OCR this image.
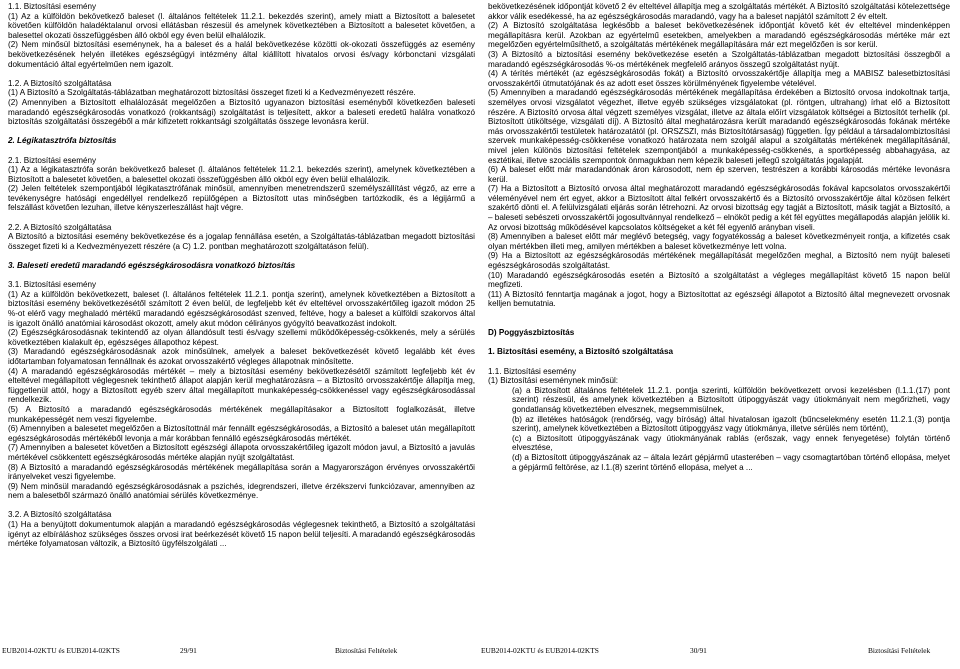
1.1. Biztosítási esemény

(1) Az a külföldön bekövetkező baleset (l. általános feltételek 11.2.1. bekezdés szerint), amely miatt a Biztosított a balesetet követően külföldön haladéktalanul orvosi ellátásban részesül és amelynek következtében a Biztosított a balesetet követően, a balesettel okozati összefüggésben álló okból egy éven belül elhalálozik.

(2) Nem minősül biztosítási eseménynek, ha a baleset és a halál bekövetkezése közötti ok-okozati összefüggés az esemény bekövetkezésének helyén illetékes egészségügyi intézmény által kiállított hivatalos orvosi és/vagy kórbonctani vizsgálati dokumentáció által egyértelműen nem igazolt.

1.2. A Biztosító szolgáltatása

(1) A Biztosító a Szolgáltatás-táblázatban meghatározott biztosítási összeget fizeti ki a Kedvezményezett részére.

(2) Amennyiben a Biztosított elhalálozását megelőzően a Biztosító ugyanazon biztosítási eseményből következően baleseti maradandó egészségkárosodás vonatkozó (rokkantsági) szolgáltatást is teljesített, akkor a baleseti eredetű halálra vonatkozó biztosítás szolgáltatási összegéből a már kifizetett rokkantsági szolgáltatás összege levonásra kerül.

2. Légikatasztrófa biztosítás

2.1. Biztosítási esemény

(1) Az a légikatasztrófa során bekövetkező baleset (l. általános feltételek 11.2.1. bekezdés szerint), amelynek következtében a Biztosított a balesetet követően, a balesettel okozati összefüggésben álló okból egy éven belül elhalálozik.

(2) Jelen feltételek szempontjából légikatasztrófának minősül, amennyiben menetrendszerű személyszállítást végző, az erre a tevékenységre hatósági engedéllyel rendelkező repülőgépen a Biztosított utas minőségben tartózkodik, és a légijármű a felszállást követően lezuhan, illetve kényszerleszállást hajt végre.

2.2. A Biztosító szolgáltatása

A Biztosító a biztosítási esemény bekövetkezése és a jogalap fennállása esetén, a Szolgáltatás-táblázatban megadott biztosítási összeget fizeti ki a Kedvezményezett részére (a C) 1.2. pontban meghatározott szolgáltatáson felül).

3. Baleseti eredetű maradandó egészségkárosodásra vonatkozó biztosítás

3.1. Biztosítási esemény

(1) Az a külföldön bekövetkezett, baleset (l. általános feltételek 11.2.1. pontja szerint), amelynek következtében a Biztosított a biztosítási esemény bekövetkezésétől számított 2 éven belül, de legfeljebb két év elteltével orvosszakértőileg igazolt módon 25 %-ot elérő vagy meghaladó mértékű maradandó egészségkárosodást szenved, feltéve, hogy a baleset a külföldi szakorvos által is igazolt önálló anatómiai károsodást okozott, amely akut módon célirányos gyógyító beavatkozást indokolt.

(2) Egészségkárosodásnak tekintendő az olyan állandósult testi és/vagy szellemi működőképesség-csökkenés, mely a sérülés következtében kialakult ép, egészséges állapothoz képest.

(3) Maradandó egészségkárosodásnak azok minősülnek, amelyek a baleset bekövetkezését követő legalább két éves időtartamban folyamatosan fennállnak és azokat orvosszakértő végleges állapotnak minősítette.

(4) A maradandó egészségkárosodás mértékét – mely a biztosítási esemény bekövetkezésétől számított legfeljebb két év elteltével megállapított véglegesnek tekinthető állapot alapján kerül meghatározásra – a Biztosító orvosszakértője állapítja meg, függetlenül attól, hogy a Biztosított egyéb szerv által megállapított munkaképesség-csökkenéssel vagy egészségkárosodással rendelkezik.

(5) A Biztosító a maradandó egészségkárosodás mértékének megállapításakor a Biztosított foglalkozását, illetve munkaképességét nem veszi figyelembe.

(6) Amennyiben a balesetet megelőzően a Biztosítottnál már fennállt egészségkárosodás, a Biztosító a baleset után megállapított egészségkárosodás mértékéből levonja a már korábban fennálló egészségkárosodás mértékét.

(7) Amennyiben a balesetet követően a Biztosított egészségi állapota orvosszakértőileg igazolt módon javul, a Biztosító a javulás mértékével csökkentett egészségkárosodás mértéke alapján nyújt szolgáltatást.

(8) A Biztosító a maradandó egészségkárosodás mértékének megállapítása során a Magyarországon érvényes orvosszakértői irányelveket veszi figyelembe.

(9) Nem minősül maradandó egészségkárosodásnak a pszichés, idegrendszeri, illetve érzékszervi funkciózavar, amennyiben az nem a balesetből származó önálló anatómiai sérülés következménye.

3.2. A Biztosító szolgáltatása

(1) Ha a benyújtott dokumentumok alapján a maradandó egészségkárosodás véglegesnek tekinthető, a Biztosító a szolgáltatási igényt az elbíráláshoz szükséges összes orvosi irat beérkezését követő 15 napon belül teljesíti. A maradandó egészségkárosodás mértéke folyamatosan változik, a Biztosító ügyfélszolgálati ...

EUB2014-02KTU és EUB2014-02KTS	29/91	Biztosítási Feltételek

bekövetkezésének időpontját követő 2 év elteltével állapítja meg a szolgáltatás mértékét. A Biztosító szolgáltatási kötelezettsége akkor válik esedékessé, ha az egészségkárosodás maradandó, vagy ha a baleset napjától számított 2 év eltelt.

(2) A Biztosító szolgáltatása legkésőbb a baleset bekövetkezésének időpontját követő két év elteltével mindenképpen megállapításra kerül. Azokban az egyértelmű esetekben, amelyekben a maradandó egészségkárosodás mértéke már ezt megelőzően egyértelműsíthető, a szolgáltatás mértékének megállapítására már ezt megelőzően is sor kerül.

(3) A Biztosító a biztosítási esemény bekövetkezése esetén a Szolgáltatás-táblázatban megadott biztosítási összegből a maradandó egészségkárosodás %-os mértékének megfelelő arányos összegű szolgáltatást nyújt.

(4) A térítés mértékét (az egészségkárosodás fokát) a Biztosító orvosszakértője állapítja meg a MABISZ balesetbiztosítási orvosszakértői útmutatójának és az adott eset összes körülményének figyelembe vételével.

(5) Amennyiben a maradandó egészségkárosodás mértékének megállapítása érdekében a Biztosító orvosa indokoltnak tartja, személyes orvosi vizsgálatot végezhet, illetve egyéb szükséges vizsgálatokat (pl. röntgen, ultrahang) írhat elő a Biztosított részére. A Biztosító orvosa által végzett személyes vizsgálat, illetve az általa előírt vizsgálatok költségei a Biztosítót terhelik (pl. Biztosított útiköltsége, vizsgálati díj). A Biztosító által meghatározásra került maradandó egészségkárosodás fokának mértéke más orvosszakértői testületek határozatától (pl. ORSZSZI, más Biztosítótársaság) független. Így például a társadalombiztosítási szervek munkaképesség-csökkenése vonatkozó határozata nem szolgál alapul a szolgáltatás mértékének megállapításánál, mivel jelen különös biztosítási feltételek szempontjából a munkaképesség-csökkenés, a sportképesség abbahagyása, az esztétikai, illetve szociális szempontok önmagukban nem képezik baleseti jellegű szolgáltatás jogalapját.

(6) A baleset előtt már maradandónak áron károsodott, nem ép szerven, testrészen a korábbi károsodás mértéke levonásra kerül.

(7) Ha a Biztosított a Biztosító orvosa által meghatározott maradandó egészségkárosodás fokával kapcsolatos orvosszakértői véleményével nem ért egyet, akkor a Biztosított által felkért orvosszakértő és a Biztosító orvosszakértője által közösen felkért szakértő dönti el. A felülvizsgálati eljárás során létrehozni. Az orvosi bizottság egy tagját a Biztosított, másik tagját a Biztosító, a – baleseti sebészeti orvosszakértői jogosultvánnyal rendelkező – elnököt pedig a két fél együttes megállapodás alapján jelölik ki. Az orvosi bizottság működésével kapcsolatos költségeket a két fél egyenlő arányban viseli.

(8) Amennyiben a baleset előtt már meglévő betegség, vagy fogyatékosság a baleset következményeit rontja, a kifizetés csak olyan mértékben illeti meg, amilyen mértékben a baleset következménye lett volna.

(9) Ha a Biztosított az egészségkárosodás mértékének megállapítását megelőzően meghal, a Biztosító nem nyújt baleseti egészségkárosodás szolgáltatást.

(10) Maradandó egészségkárosodás esetén a Biztosító a szolgáltatást a végleges megállapítást követő 15 napon belül megfizeti.

(11) A Biztosító fenntartja magának a jogot, hogy a Biztosítottat az egészségi állapotot a Biztosító által megnevezett orvosnak kelljen bemutatnia.

D) Poggyászbiztosítás

1. Biztosítási esemény, a Biztosító szolgáltatása

1.1. Biztosítási esemény

(1) Biztosítási eseménynek minősül:

(a) a Biztosított általános feltételek 11.2.1. pontja szerinti, külföldön bekövetkezett orvosi kezelésben (l.1.1.(17) pont szerint) részesül, és amelynek következtében a Biztosított útipoggyászát vagy útiokmányait nem megőrizheti, vagy gondatlanság következtében elvesznek, megsemmisülnek,

(b) az illetékes hatóságok (rendőrség, vagy bíróság) által hivatalosan igazolt (bűncselekmény esetén 11.2.1.(3) pontja szerint), amelynek következtében a Biztosított útipoggyász vagy útiokmánya, illetve sérülés nem történt),

(c) a Biztosított útipoggyászának vagy útiokmányának rablás (erőszak, vagy ennek fenyegetése) folytán történő elvesztése,

(d) a Biztosított útipoggyászának az – általa lezárt gépjármű utasterében – vagy csomagtartóban történő ellopása, melyet a gépjármű feltörése, az l.1.(8) szerint történő ellopása, melyet a ...

EUB2014-02KTU és EUB2014-02KTS	30/91	Biztosítási Feltételek
